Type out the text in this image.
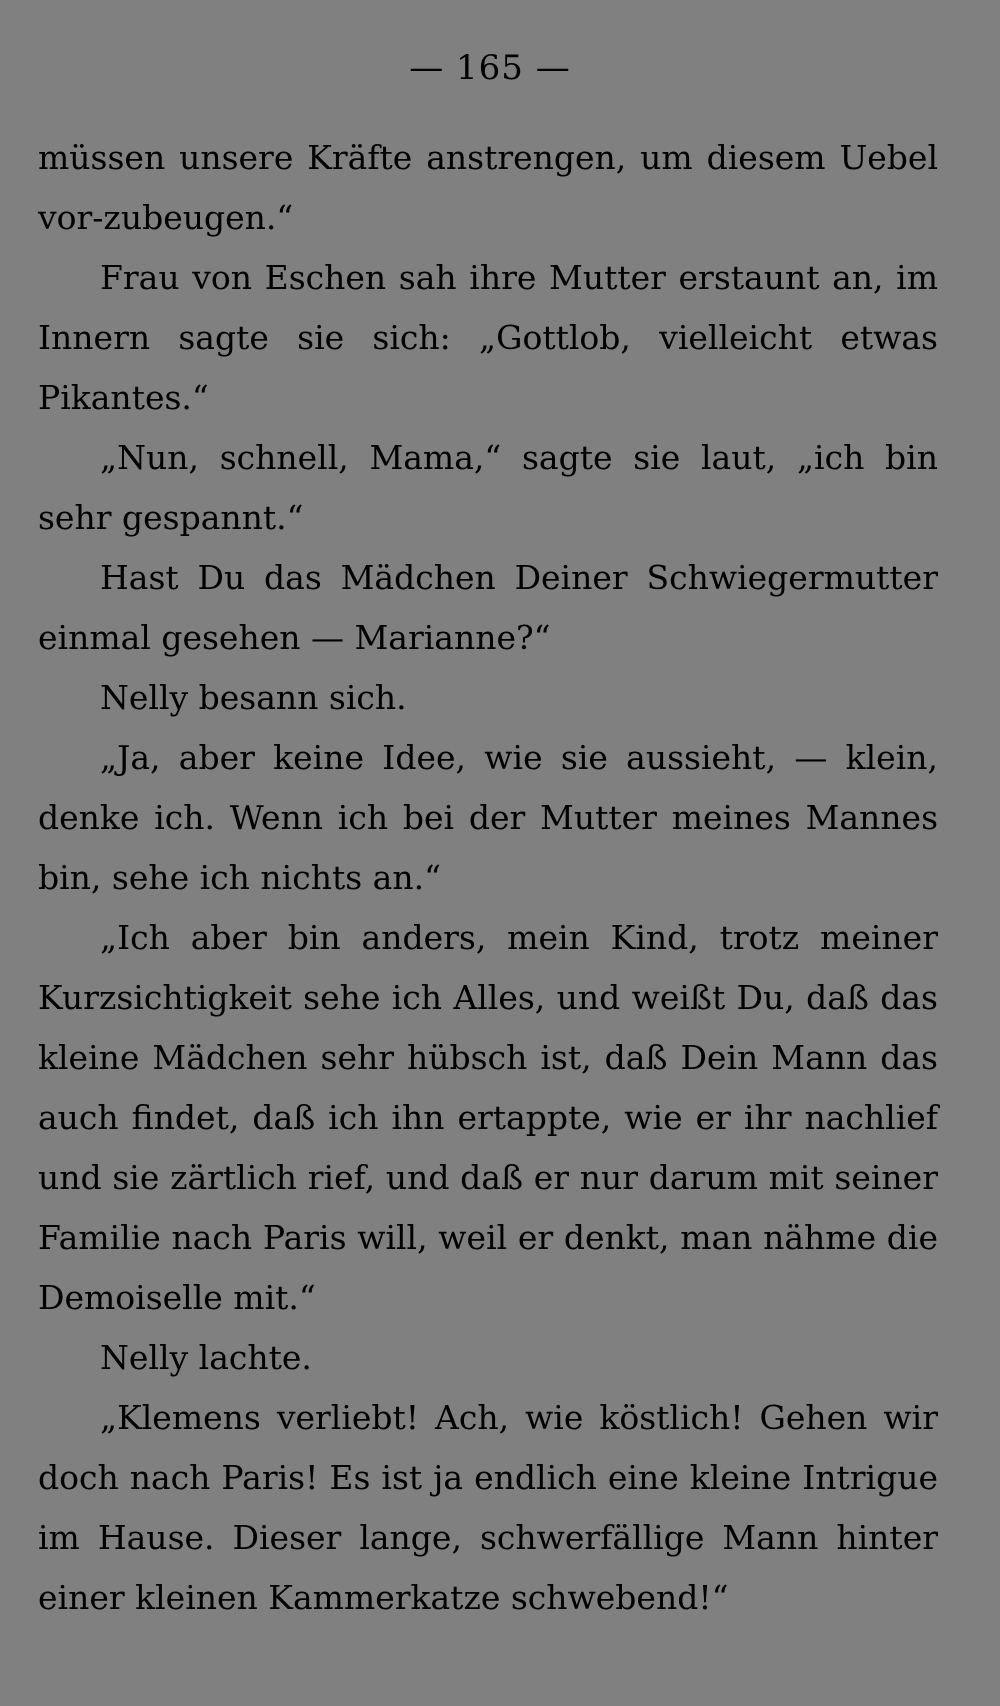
— 165 —

müssen unsere Kräfte anstrengen, um diesem Uebel vor-zubeugen.“

Frau von Eschen sah ihre Mutter erstaunt an, im Innern sagte sie sich: „Gottlob, vielleicht etwas Pikantes.“

„Nun, schnell, Mama,“ sagte sie laut, „ich bin sehr gespannt.“

Hast Du das Mädchen Deiner Schwiegermutter einmal gesehen — Marianne?“

Nelly besann sich.

„Ja, aber keine Idee, wie sie aussieht, — klein, denke ich. Wenn ich bei der Mutter meines Mannes bin, sehe ich nichts an.“

„Ich aber bin anders, mein Kind, trotz meiner Kurzsichtigkeit sehe ich Alles, und weißt Du, daß das kleine Mädchen sehr hübsch ist, daß Dein Mann das auch findet, daß ich ihn ertappte, wie er ihr nachlief und sie zärtlich rief, und daß er nur darum mit seiner Familie nach Paris will, weil er denkt, man nähme die Demoiselle mit.“

Nelly lachte.

„Klemens verliebt! Ach, wie köstlich! Gehen wir doch nach Paris! Es ist ja endlich eine kleine Intrigue im Hause. Dieser lange, schwerfällige Mann hinter einer kleinen Kammerkatze schwebend!“
